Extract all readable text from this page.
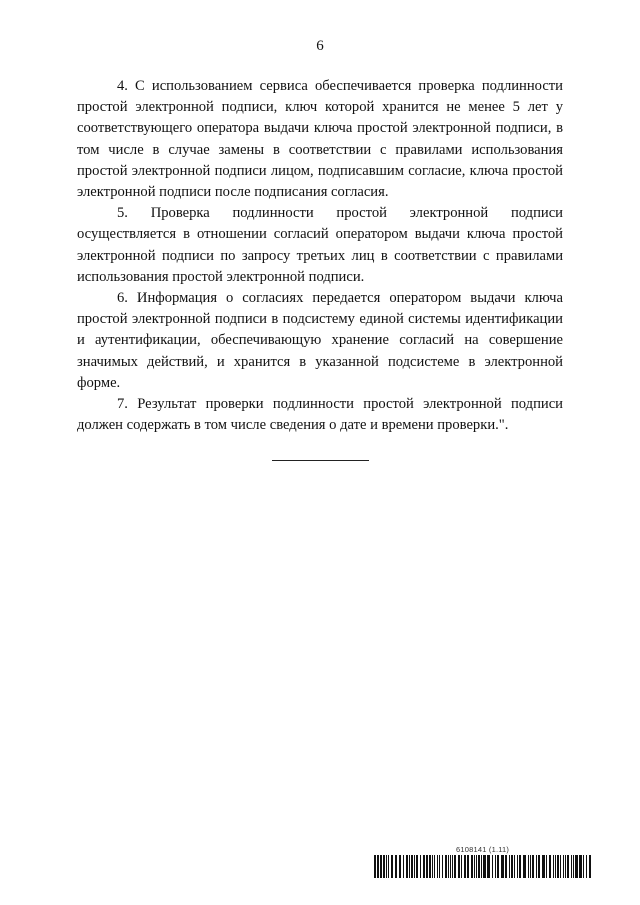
6

4. С использованием сервиса обеспечивается проверка подлинности простой электронной подписи, ключ которой хранится не менее 5 лет у соответствующего оператора выдачи ключа простой электронной подписи, в том числе в случае замены в соответствии с правилами использования простой электронной подписи лицом, подписавшим согласие, ключа простой электронной подписи после подписания согласия.

5. Проверка подлинности простой электронной подписи осуществляется в отношении согласий оператором выдачи ключа простой электронной подписи по запросу третьих лиц в соответствии с правилами использования простой электронной подписи.

6. Информация о согласиях передается оператором выдачи ключа простой электронной подписи в подсистему единой системы идентификации и аутентификации, обеспечивающую хранение согласий на совершение значимых действий, и хранится в указанной подсистеме в электронной форме.

7. Результат проверки подлинности простой электронной подписи должен содержать в том числе сведения о дате и времени проверки.".

6108141 (1.11)
